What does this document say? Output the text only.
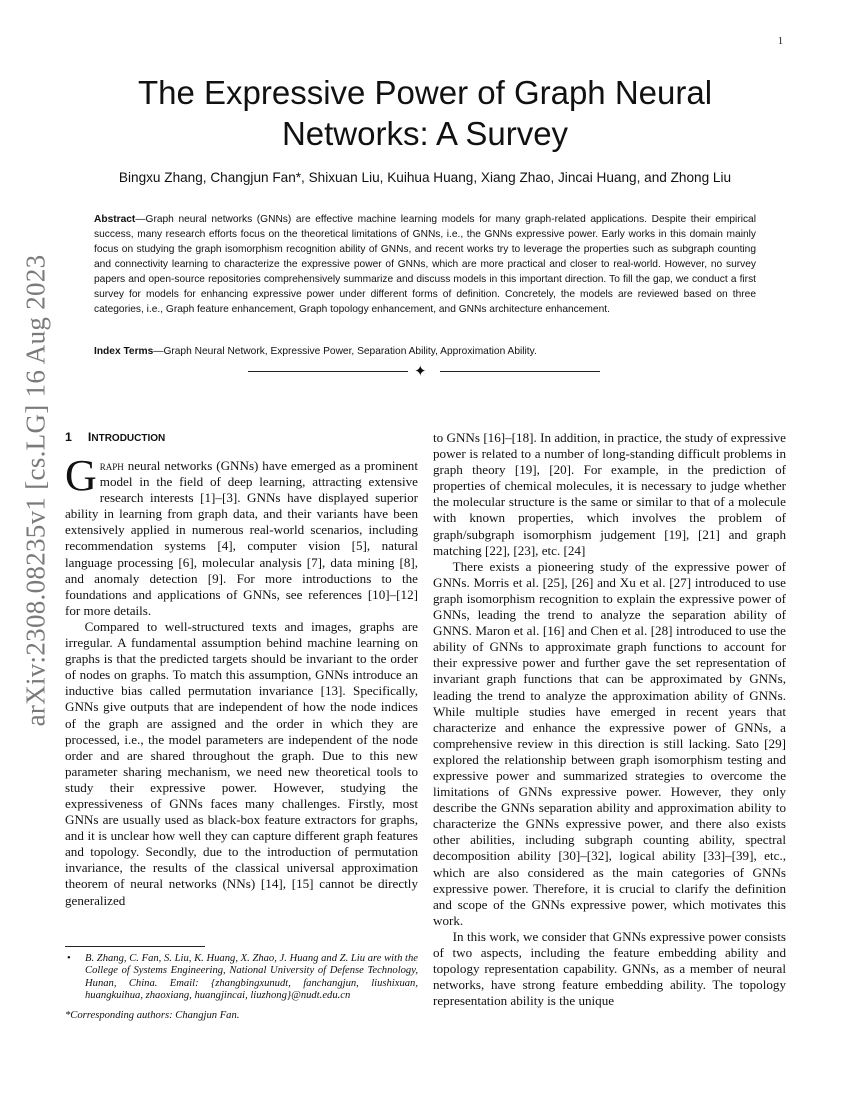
1
arXiv:2308.08235v1 [cs.LG] 16 Aug 2023
The Expressive Power of Graph Neural Networks: A Survey
Bingxu Zhang, Changjun Fan*, Shixuan Liu, Kuihua Huang, Xiang Zhao, Jincai Huang, and Zhong Liu

Abstract—Graph neural networks (GNNs) are effective machine learning models for many graph-related applications. Despite their empirical success, many research efforts focus on the theoretical limitations of GNNs, i.e., the GNNs expressive power. Early works in this domain mainly focus on studying the graph isomorphism recognition ability of GNNs, and recent works try to leverage the properties such as subgraph counting and connectivity learning to characterize the expressive power of GNNs, which are more practical and closer to real-world. However, no survey papers and open-source repositories comprehensively summarize and discuss models in this important direction. To fill the gap, we conduct a first survey for models for enhancing expressive power under different forms of definition. Concretely, the models are reviewed based on three categories, i.e., Graph feature enhancement, Graph topology enhancement, and GNNs architecture enhancement.

Index Terms—Graph Neural Network, Expressive Power, Separation Ability, Approximation Ability.

✦
1 INTRODUCTION

Graph neural networks (GNNs) have emerged as a prominent model in the field of deep learning, attracting extensive research interests [1]–[3]. GNNs have displayed superior ability in learning from graph data, and their variants have been extensively applied in numerous real-world scenarios, including recommendation systems [4], computer vision [5], natural language processing [6], molecular analysis [7], data mining [8], and anomaly detection [9]. For more introductions to the foundations and applications of GNNs, see references [10]–[12] for more details.

Compared to well-structured texts and images, graphs are irregular. A fundamental assumption behind machine learning on graphs is that the predicted targets should be invariant to the order of nodes on graphs. To match this assumption, GNNs introduce an inductive bias called permutation invariance [13]. Specifically, GNNs give outputs that are independent of how the node indices of the graph are assigned and the order in which they are processed, i.e., the model parameters are independent of the node order and are shared throughout the graph. Due to this new parameter sharing mechanism, we need new theoretical tools to study their expressive power. However, studying the expressiveness of GNNs faces many challenges. Firstly, most GNNs are usually used as black-box feature extractors for graphs, and it is unclear how well they can capture different graph features and topology. Secondly, due to the introduction of permutation invariance, the results of the classical universal approximation theorem of neural networks (NNs) [14], [15] cannot be directly generalized

to GNNs [16]–[18]. In addition, in practice, the study of expressive power is related to a number of long-standing difficult problems in graph theory [19], [20]. For example, in the prediction of properties of chemical molecules, it is necessary to judge whether the molecular structure is the same or similar to that of a molecule with known properties, which involves the problem of graph/subgraph isomorphism judgement [19], [21] and graph matching [22], [23], etc. [24]

There exists a pioneering study of the expressive power of GNNs. Morris et al. [25], [26] and Xu et al. [27] introduced to use graph isomorphism recognition to explain the expressive power of GNNs, leading the trend to analyze the separation ability of GNNS. Maron et al. [16] and Chen et al. [28] introduced to use the ability of GNNs to approximate graph functions to account for their expressive power and further gave the set representation of invariant graph functions that can be approximated by GNNs, leading the trend to analyze the approximation ability of GNNs. While multiple studies have emerged in recent years that characterize and enhance the expressive power of GNNs, a comprehensive review in this direction is still lacking. Sato [29] explored the relationship between graph isomorphism testing and expressive power and summarized strategies to overcome the limitations of GNNs expressive power. However, they only describe the GNNs separation ability and approximation ability to characterize the GNNs expressive power, and there also exists other abilities, including subgraph counting ability, spectral decomposition ability [30]–[32], logical ability [33]–[39], etc., which are also considered as the main categories of GNNs expressive power. Therefore, it is crucial to clarify the definition and scope of the GNNs expressive power, which motivates this work.

In this work, we consider that GNNs expressive power consists of two aspects, including the feature embedding ability and topology representation capability. GNNs, as a member of neural networks, have strong feature embedding ability. The topology representation ability is the unique

• B. Zhang, C. Fan, S. Liu, K. Huang, X. Zhao, J. Huang and Z. Liu are with the College of Systems Engineering, National University of Defense Technology, Hunan, China. Email: {zhangbingxunudt, fanchangjun, liushixuan, huangkuihua, zhaoxiang, huangjincai, liuzhong}@nudt.edu.cn
*Corresponding authors: Changjun Fan.
